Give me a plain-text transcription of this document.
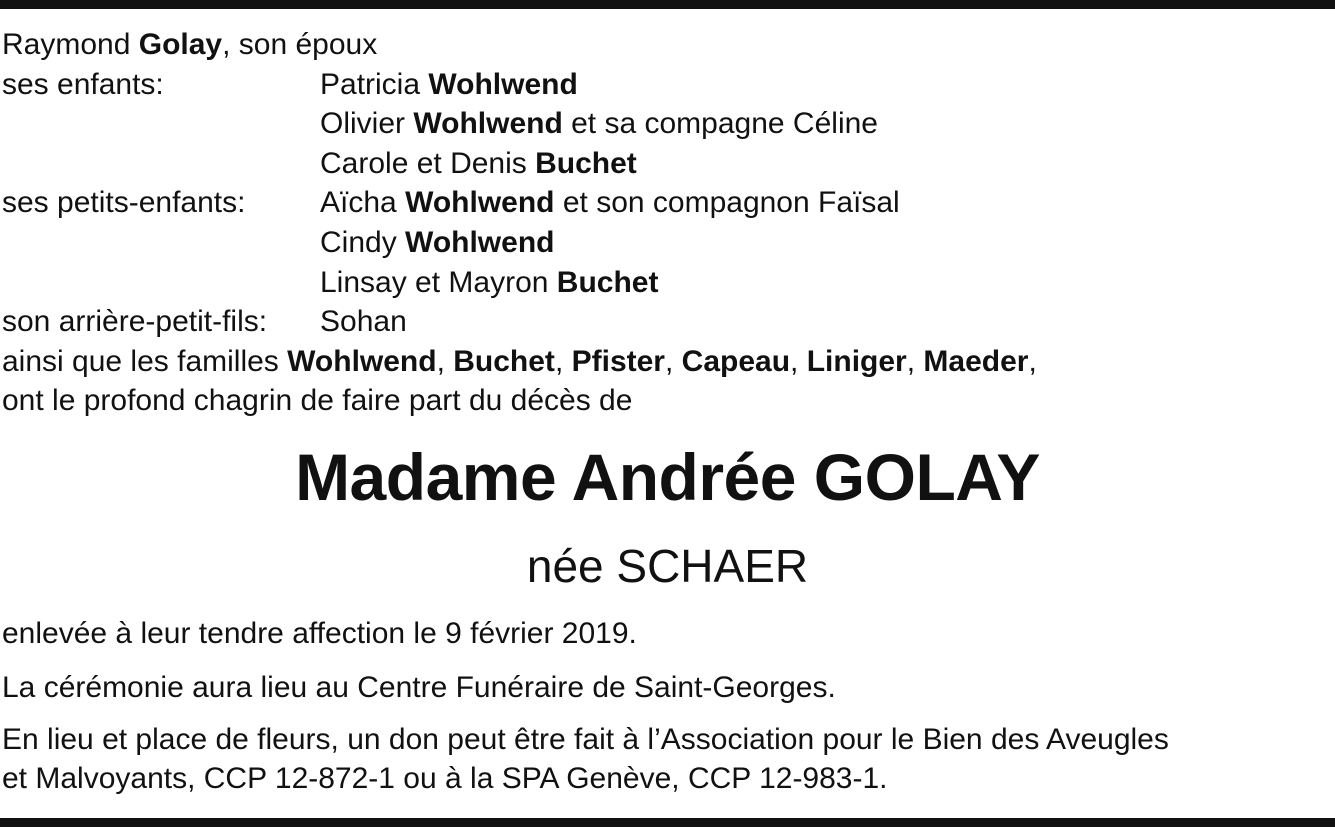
Raymond
Golay , son époux
ses enfants:	Patricia Wohlwend
Olivier Wohlwend et sa compagne Céline
Carole et Denis Buchet
ses petits-enfants:	Aïcha Wohlwend et son compagnon Faïsal
Cindy Wohlwend
Linsay et Mayron Buchet
son arrière-petit-fils:	Sohan
ainsi que les familles Wohlwend, Buchet, Pfister, Capeau, Liniger, Maeder,
ont le profond chagrin de faire part du décès de
Madame Andrée GOLAY
née SCHAER
enlevée à leur tendre affection le 9 février 2019.
La cérémonie aura lieu au Centre Funéraire de Saint-Georges.
En lieu et place de fleurs, un don peut être fait à l’Association pour le Bien des Aveugles
et Malvoyants, CCP 12-872-1 ou à la SPA Genève, CCP 12-983-1.
